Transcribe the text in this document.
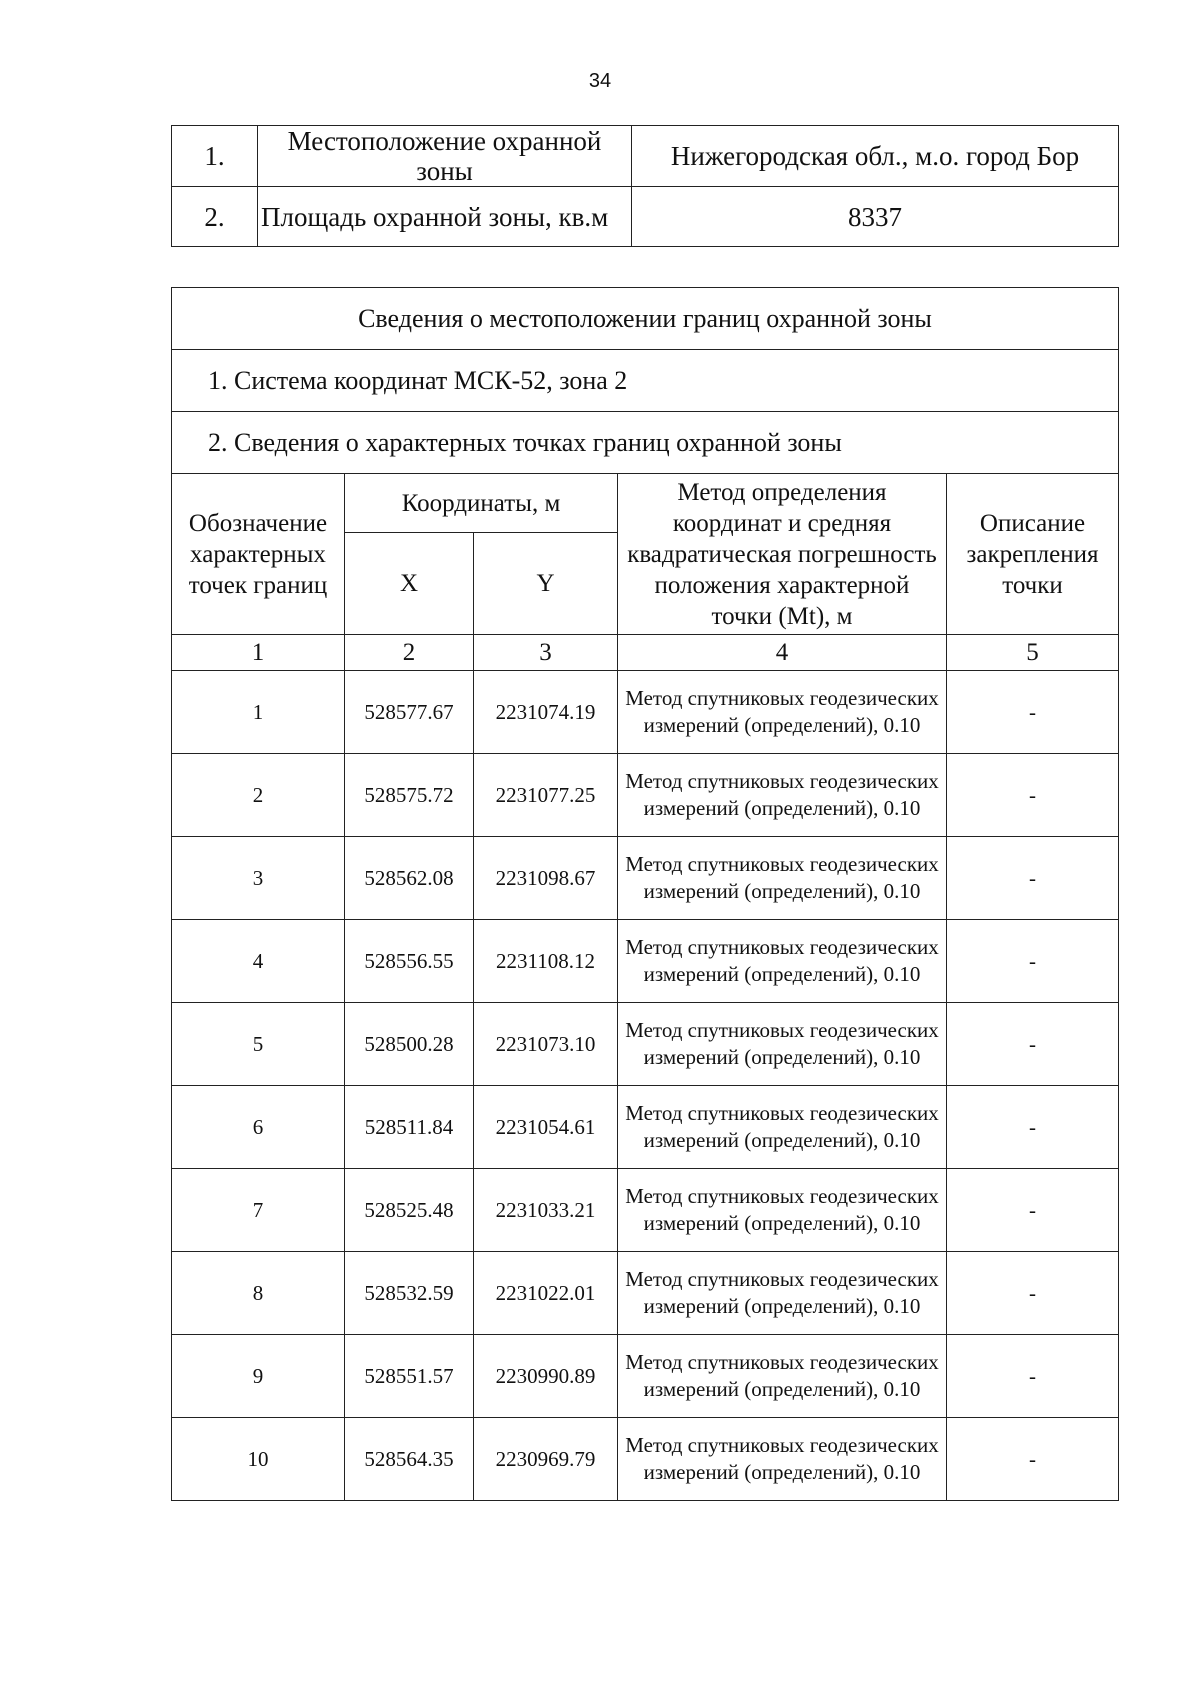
34
1.	Местоположение охранной зоны	Нижегородская обл., м.о. город Бор
2.	Площадь охранной зоны, кв.м	8337
Сведения о местоположении границ охранной зоны				
1. Система координат МСК-52, зона 2				
2. Сведения о характерных точках границ охранной зоны				
Обозначение характерных точек границ	Координаты, м		Метод определения координат и средняя квадратическая погрешность положения характерной точки (Mt), м	Описание закрепления точки
	X	Y		
1	2	3	4	5
1	528577.67	2231074.19	Метод спутниковых геодезических измерений (определений), 0.10	-
2	528575.72	2231077.25	Метод спутниковых геодезических измерений (определений), 0.10	-
3	528562.08	2231098.67	Метод спутниковых геодезических измерений (определений), 0.10	-
4	528556.55	2231108.12	Метод спутниковых геодезических измерений (определений), 0.10	-
5	528500.28	2231073.10	Метод спутниковых геодезических измерений (определений), 0.10	-
6	528511.84	2231054.61	Метод спутниковых геодезических измерений (определений), 0.10	-
7	528525.48	2231033.21	Метод спутниковых геодезических измерений (определений), 0.10	-
8	528532.59	2231022.01	Метод спутниковых геодезических измерений (определений), 0.10	-
9	528551.57	2230990.89	Метод спутниковых геодезических измерений (определений), 0.10	-
10	528564.35	2230969.79	Метод спутниковых геодезических измерений (определений), 0.10	-
